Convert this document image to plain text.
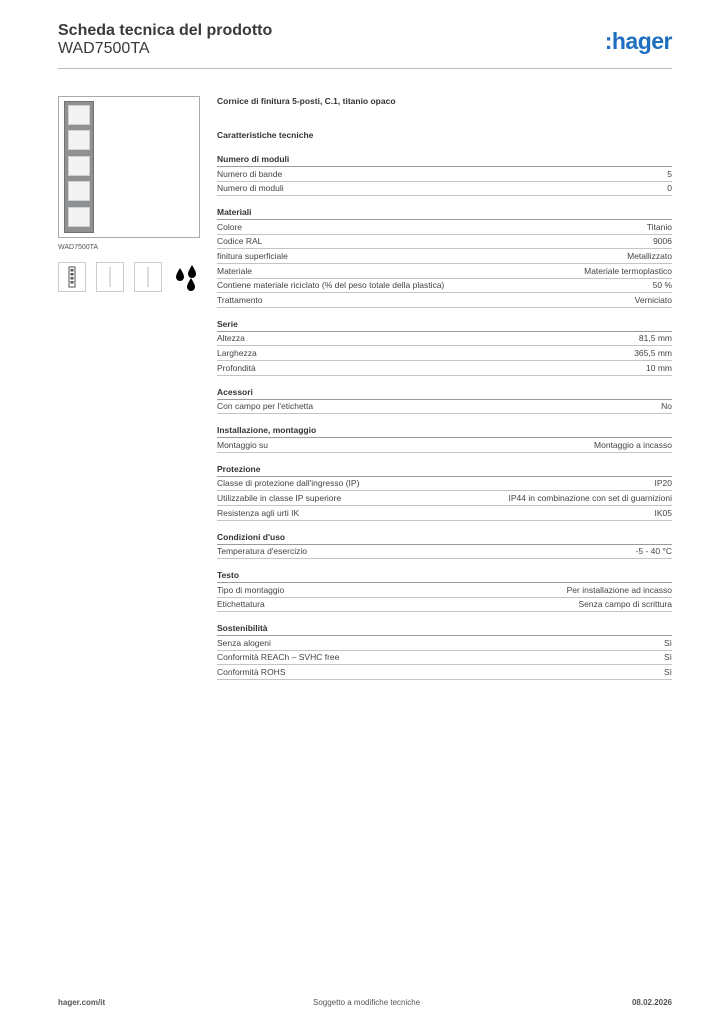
Scheda tecnica del prodotto
WAD7500TA	:hager
WAD7500TA
Cornice di finitura 5-posti, C.1, titanio opaco
Caratteristiche tecniche
Numero di moduli
Numero di bande	5
Numero di moduli	0
Materiali
Colore	Titanio
Codice RAL	9006
finitura superficiale	Metallizzato
Materiale	Materiale termoplastico
Contiene materiale riciclato (% del peso totale della plastica)	50 %
Trattamento	Verniciato
Serie
Altezza	81,5 mm
Larghezza	365,5 mm
Profondità	10 mm
Acessori
Con campo per l'etichetta	No
Installazione, montaggio
Montaggio su	Montaggio a incasso
Protezione
Classe di protezione dall'ingresso (IP)	IP20
Utilizzabile in classe IP superiore	IP44 in combinazione con set di guarnizioni
Resistenza agli urti IK	IK05
Condizioni d'uso
Temperatura d'esercizio	-5 - 40 °C
Testo
Tipo di montaggio	Per installazione ad incasso
Etichettatura	Senza campo di scrittura
Sostenibilità
Senza alogeni	Sì
Conformità REACh – SVHC free	Sì
Conformità ROHS	Sì
hager.com/it	Soggetto a modifiche tecniche	08.02.2026
